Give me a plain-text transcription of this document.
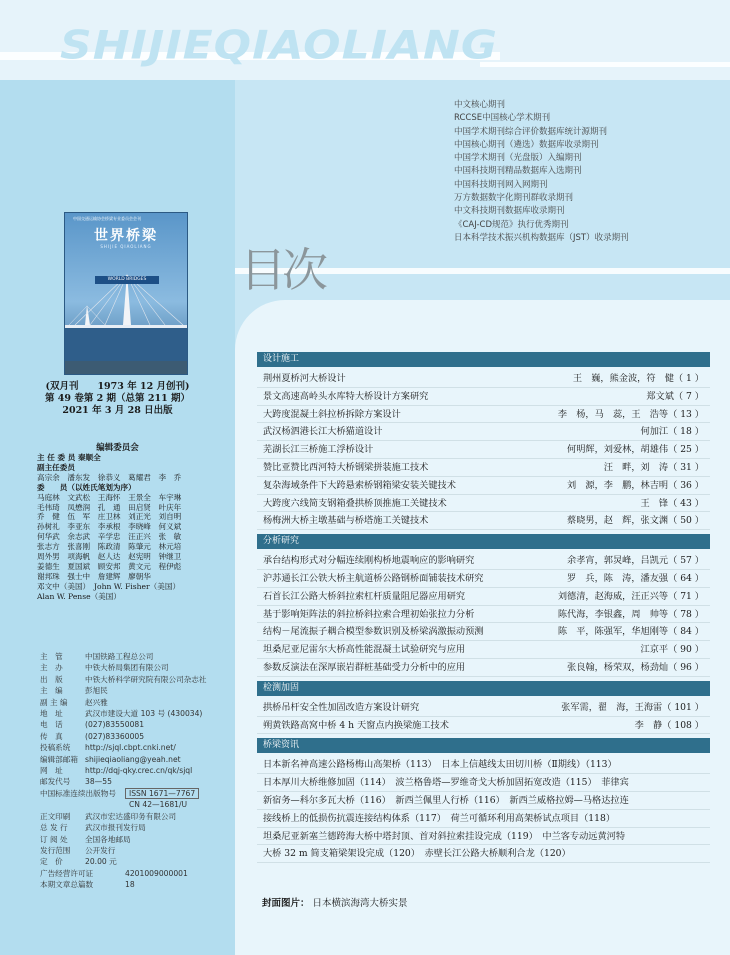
SHIJIEQIAOLIANG
中文核心期刊
RCCSE中国核心学术期刊
中国学术期刊综合评价数据库统计源期刊
中国核心期刊（遴选）数据库收录期刊
中国学术期刊（光盘版）入编期刊
中国科技期刊精品数据库入选期刊
中国科技期刊网入网期刊
万方数据数字化期刊群收录期刊
中文科技期刊数据库收录期刊
《CAJ-CD规范》执行优秀期刊
日本科学技术振兴机构数据库（JST）收录期刊
中国交通运输协会桥梁专业委员会会刊
世界桥梁
SHIJIE QIAOLIANG
WORLD BRIDGES
(双月刊　　1973 年 12 月创刊)
第 49 卷第 2 期（总第 211 期）
2021 年 3 月 28 日出版
编辑委员会
主 任 委 员 秦顺全
副主任委员
高宗余　潘东发　徐恭义　葛耀君　李　乔
委　　员（以姓氏笔划为序）
马庭林　文武松　王海怀　王景全　车宇琳
毛伟琦　凤懋润　孔　通　田启贤　叶庆年
乔　健　伍　军　庄卫林　刘正光　刘自明
孙树礼　李亚东　李承根　李晓峰　何义斌
何华武　余志武　辛学忠　汪正兴　张　敏
张志方　张喜刚　陈政清　陈肇元　林元培
周外男　项海帆　赵人达　赵宪明　钟继卫
姜德生　夏国斌　顾安邦　黄文元　程伊彪
谢邦珠　强士中　詹建辉　廖朝华
邓文中（美国）　John W. Fisher（美国）
Alan W. Pense（美国）
主　管	中国铁路工程总公司
主　办	中铁大桥局集团有限公司
出　版	中铁大桥科学研究院有限公司杂志社
主　编	彭旭民
副 主 编	赵兴雅
地　址	武汉市建设大道 103 号 (430034)
电　话	(027)83550081
传　真	(027)83360005
投稿系统	http://sjql.cbpt.cnki.net/
编辑部邮箱 shijieqiaoliang@yeah.net
网　址	http://dqj-qky.crec.cn/qk/sjql
邮发代号	38—55
中国标准连续出版物号	ISSN 1671—7767
CN 42—1681/U
正文印刷	武汉市宏达盛印务有限公司
总 发 行	武汉市报刊发行局
订 阅 处	全国各地邮局
发行范围	公开发行
定　价	20.00 元
广告经营许可证	4201009000001
本期文章总篇数	18
目次
设计施工
荆州夏桥河大桥设计	王　巍，熊金波，符　健（ 1 ）
景文高速高岭头水库特大桥设计方案研究	郑文斌（ 7 ）
大跨度混凝土斜拉桥拆除方案设计	李　杨，马　蕊，王　浩等（ 13 ）
武汉杨泗港长江大桥猫道设计	何加江（ 18 ）
芜湖长江三桥施工浮桥设计	何明辉，刘爱林，胡雄伟（ 25 ）
赞比亚赞比西河特大桥钢梁拼装施工技术	汪　畔，刘　涛（ 31 ）
复杂海域条件下大跨悬索桥钢箱梁安装关键技术	刘　源，李　鹏，林吉明（ 36 ）
大跨度六线简支钢箱叠拱桥顶推施工关键技术	王　锋（ 43 ）
杨梅洲大桥主墩基础与桥塔施工关键技术	蔡晓男，赵　辉，张文渊（ 50 ）
分析研究
承台结构形式对分幅连续刚构桥地震响应的影响研究	余孝宵，郭炅峰，吕凯元（ 57 ）
沪苏通长江公铁大桥主航道桥公路钢桥面铺装技术研究	罗　兵，陈　涛，潘友强（ 64 ）
石首长江公路大桥斜拉索杠杆质量阻尼器应用研究	刘德清，赵海威，汪正兴等（ 71 ）
基于影响矩阵法的斜拉桥斜拉索合理初始张拉力分析	陈代海，李银鑫，周　帅等（ 78 ）
结构－尾流振子耦合模型参数识别及桥梁涡激振动预测	陈　平，陈强军，华旭刚等（ 84 ）
坦桑尼亚尼雷尔大桥高性能混凝土试验研究与应用	江京平（ 90 ）
参数反演法在深厚嵌岩群桩基础受力分析中的应用	张良翰，杨荣双，杨劲灿（ 96 ）
检测加固
拱桥吊杆安全性加固改造方案设计研究	张军需，翟　海，王海雷（ 101 ）
朔黄铁路高窝中桥 4 h 天窗点内换梁施工技术	李　静（ 108 ）
桥梁资讯
日本新名神高速公路杨梅山高架桥（113）　日本上信越线太田切川桥（Ⅱ期线）（113）
日本厚川大桥维修加固（114）　波兰格鲁塔—罗维奇戈大桥加固拓宽改造（115）　菲律宾
新宿务—科尔多瓦大桥（116）　新西兰佩里人行桥（116）　新西兰威格拉姆—马格达拉连
接线桥上的低损伤抗震连接结构体系（117）　荷兰可循环利用高架桥试点项目（118）
坦桑尼亚新塞兰德跨海大桥中塔封顶、首对斜拉索挂设完成（119）　中兰客专动远黄河特
大桥 32 m 简支箱梁架设完成（120）　赤壁长江公路大桥顺利合龙（120）
封面图片： 日本横滨海湾大桥实景
